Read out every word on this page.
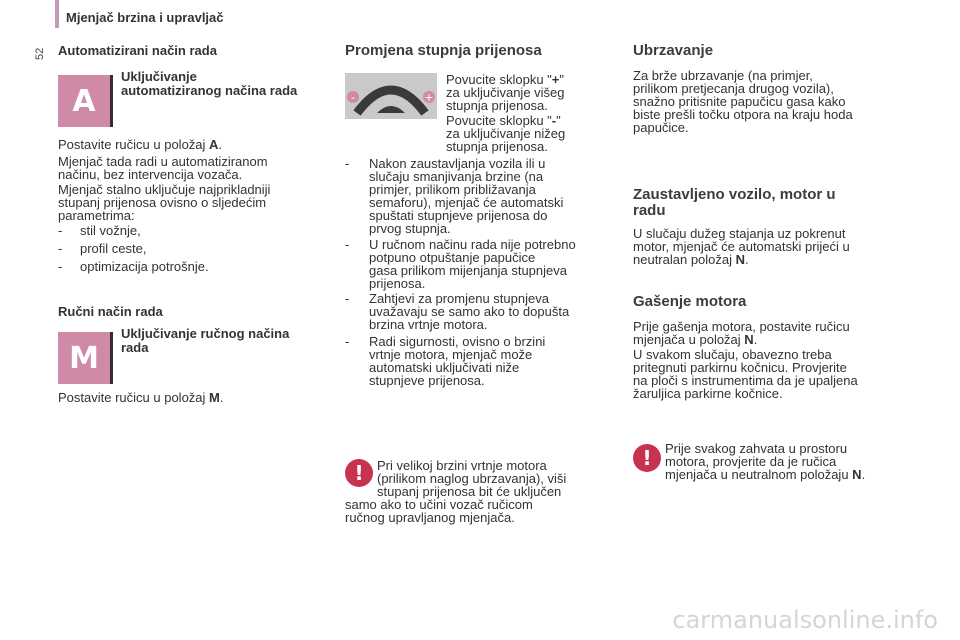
Mjenjač brzina i upravljač
52 Automatizirani način rada
A
Uključivanje
automatiziranog načina rada
Postavite ručicu u položaj A.
Mjenjač tada radi u automatiziranom
načinu, bez intervencija vozača.
Mjenjač stalno uključuje najprikladniji
stupanj prijenosa ovisno o sljedećim
parametrima:
- stil vožnje,
- profil ceste,
- optimizacija potrošnje.
Ručni način rada
M
Uključivanje ručnog načina
rada
Postavite ručicu u položaj M.
Promjena stupnja prijenosa
-	+
Povucite sklopku "+"
za uključivanje višeg
stupnja prijenosa.
Povucite sklopku "-"
za uključivanje nižeg
stupnja prijenosa.
- Nakon zaustavljanja vozila ili u
slučaju smanjivanja brzine (na
primjer, prilikom približavanja
semaforu), mjenjač će automatski
spuštati stupnjeve prijenosa do
prvog stupnja.
- U ručnom načinu rada nije potrebno
potpuno otpuštanje papučice
gasa prilikom mijenjanja stupnjeva
prijenosa.
- Zahtjevi za promjenu stupnjeva
uvažavaju se samo ako to dopušta
brzina vrtnje motora.
- Radi sigurnosti, ovisno o brzini
vrtnje motora, mjenjač može
automatski uključivati niže
stupnjeve prijenosa.
!	Pri velikoj brzini vrtnje motora
(prilikom naglog ubrzavanja), viši
stupanj prijenosa bit će uključen
samo ako to učini vozač ručicom
ručnog upravljanog mjenjača.
Ubrzavanje
Za brže ubrzavanje (na primjer,
prilikom pretjecanja drugog vozila),
snažno pritisnite papučicu gasa kako
biste prešli točku otpora na kraju hoda
papučice.
Zaustavljeno vozilo, motor u
radu
U slučaju dužeg stajanja uz pokrenut
motor, mjenjač će automatski prijeći u
neutralan položaj N.
Gašenje motora
Prije gašenja motora, postavite ručicu
mjenjača u položaj N.
U svakom slučaju, obavezno treba
pritegnuti parkirnu kočnicu. Provjerite
na ploči s instrumentima da je upaljena
žaruljica parkirne kočnice.
!	Prije svakog zahvata u prostoru
motora, provjerite da je ručica
mjenjača u neutralnom položaju N.
carmanualsonline.info
